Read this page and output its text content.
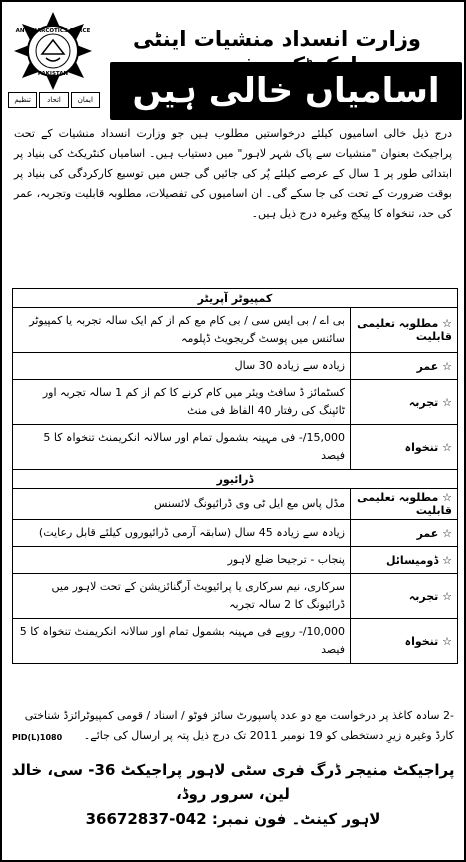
ANTI NARCOTICS FORCE
PAKISTAN
ایمان
اتحاد
تنظیم
وزارت انسداد منشیات اینٹی
اسامیاں خالی ہیں
درج ذیل خالی اسامیوں کیلئے درخواستیں مطلوب ہیں جو وزارت انسداد منشیات کے تحت پراجیکٹ بعنوان "منشیات سے پاک شہر لاہور" میں دستیاب ہیں۔ اسامیاں کنٹریکٹ کی بنیاد پر ابتدائی طور پر 1 سال کے عرصے کیلئے پُر کی جائیں گی جس میں توسیع کارکردگی کی بنیاد پر بوقت ضرورت کے تحت کی جا سکے گی۔ ان اسامیوں کی تفصیلات، مطلوبہ قابلیت وتجربہ، عمر کی حد، تنخواہ کا پیکج وغیرہ درج ذیل ہیں۔
کمپیوٹر آپریٹر	
☆ مطلوبہ تعلیمی قابلیت	بی اے / بی ایس سی / بی کام مع کم از کم ایک سالہ تجربہ یا کمپیوٹر سائنس میں پوسٹ گریجویٹ ڈپلومہ
☆ عمر	زیادہ سے زیادہ 30 سال
☆ تجربہ	کسٹمائز ڈ سافٹ ویئر میں کام کرنے کا کم از کم 1 سالہ تجربہ اور ٹائپنگ کی رفتار 40 الفاظ فی منٹ
☆ تنخواہ	15,000/- فی مہینہ بشمول تمام اور سالانہ انکریمنٹ تنخواہ کا 5 فیصد
ڈرائیور	
☆ مطلوبہ تعلیمی قابلیت	مڈل پاس مع ایل ٹی وی ڈرائیونگ لائسنس
☆ عمر	زیادہ سے زیادہ 45 سال (سابقہ آرمی ڈرائیوروں کیلئے قابل رعایت)
☆ ڈومیسائل	پنجاب - ترجیحا ضلع لاہور
☆ تجربہ	سرکاری، نیم سرکاری یا پرائیویٹ آرگنائزیشن کے تحت لاہور میں ڈرائیونگ کا 2 سالہ تجربہ
☆ تنخواہ	10,000/- روپے فی مہینہ بشمول تمام اور سالانہ انکریمنٹ تنخواہ کا 5 فیصد
-2 سادہ کاغذ پر درخواست مع دو عدد پاسپورٹ سائز فوٹو / اسناد / قومی کمپیوٹرائزڈ شناختی کارڈ وغیرہ زیرِ دستخطی کو 19 نومبر 2011 تک درج ذیل پتہ پر ارسال کی جائے۔
PID(L)1080
پراجیکٹ منیجر ڈرگ فری سٹی لاہور پراجیکٹ 36- سی، خالد لین، سرور روڈ،
لاہور کینٹ۔ فون نمبر: 042-36672837
